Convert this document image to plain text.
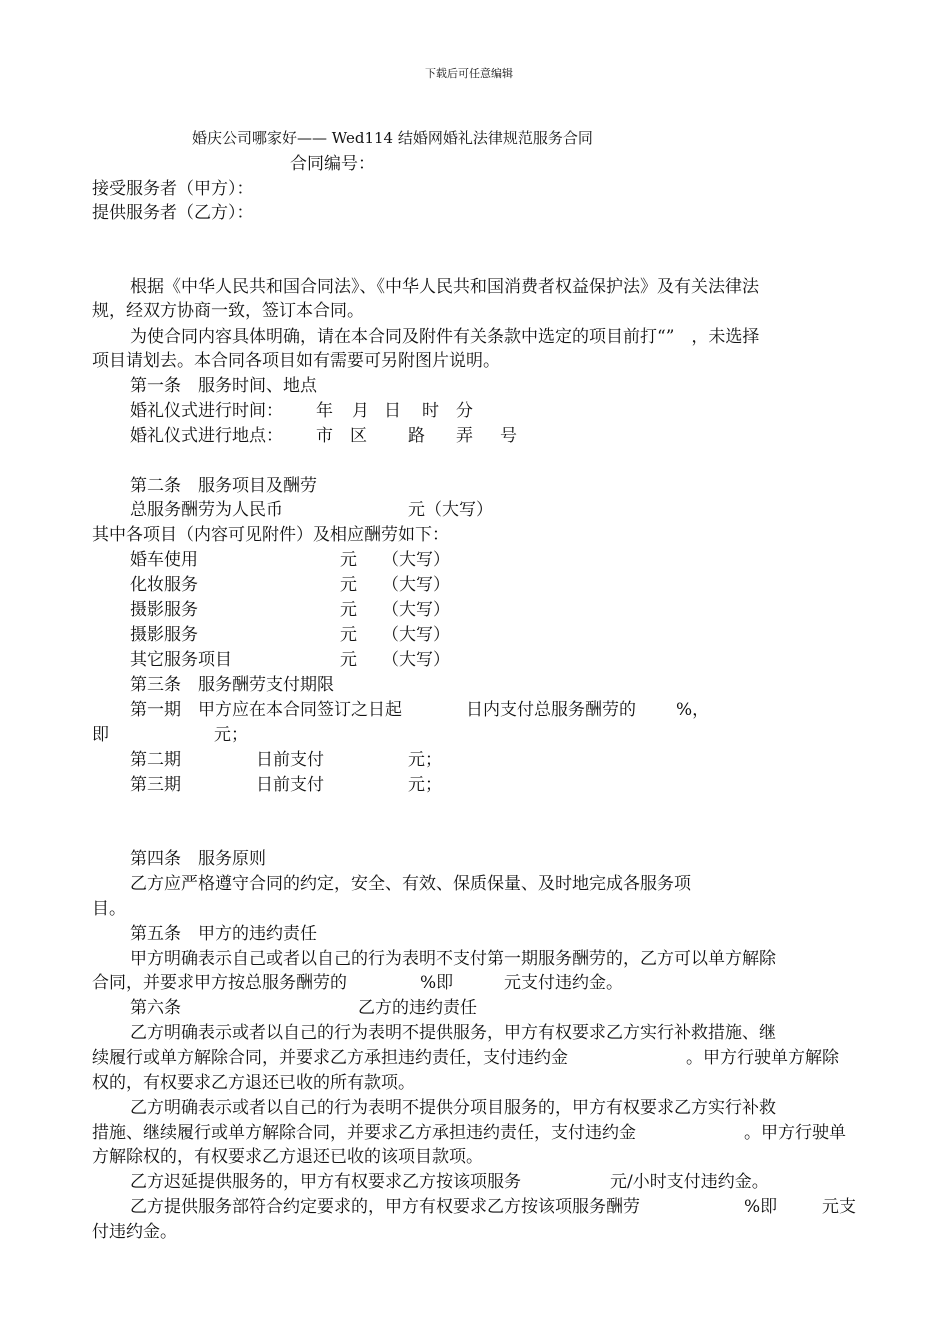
下载后可任意编辑
婚庆公司哪家好—— Wed114 结婚网婚礼法律规范服务合同
合同编号：
接受服务者（甲方）：
提供服务者（乙方）：
根据《中华人民共和国合同法》、《中华人民共和国消费者权益保护法》及有关法律法
规，经双方协商一致，签订本合同。
为使合同内容具体明确，请在本合同及附件有关条款中选定的项目前打“”　，未选择
项目请划去。本合同各项目如有需要可另附图片说明。
第一条　服务时间、地点
婚礼仪式进行时间： 年 月 日 时 分
婚礼仪式进行地点： 市 区 路 弄 号
第二条　服务项目及酬劳
总服务酬劳为人民币	元（大写）
其中各项目（内容可见附件）及相应酬劳如下：
婚车使用	元 （大写）
化妆服务	元 （大写）
摄影服务	元 （大写）
摄影服务	元 （大写）
其它服务项目	元 （大写）
第三条　服务酬劳支付期限
第一期　甲方应在本合同签订之日起	日内支付总服务酬劳的 %，
即	元；
第二期	日前支付	元；
第三期	日前支付	元；
第四条　服务原则
乙方应严格遵守合同的约定，安全、有效、保质保量、及时地完成各服务项
目。
第五条　甲方的违约责任
甲方明确表示自己或者以自己的行为表明不支付第一期服务酬劳的，乙方可以单方解除
合同，并要求甲方按总服务酬劳的	%即	元支付违约金。
第六条	乙方的违约责任
乙方明确表示或者以自己的行为表明不提供服务，甲方有权要求乙方实行补救措施、继
续履行或单方解除合同，并要求乙方承担违约责任，支付违约金	。甲方行驶单方解除
权的，有权要求乙方退还已收的所有款项。
乙方明确表示或者以自己的行为表明不提供分项目服务的，甲方有权要求乙方实行补救
措施、继续履行或单方解除合同，并要求乙方承担违约责任，支付违约金	。甲方行驶单
方解除权的，有权要求乙方退还已收的该项目款项。
乙方迟延提供服务的，甲方有权要求乙方按该项服务	元/小时支付违约金。
乙方提供服务部符合约定要求的，甲方有权要求乙方按该项服务酬劳	%即	元支
付违约金。
